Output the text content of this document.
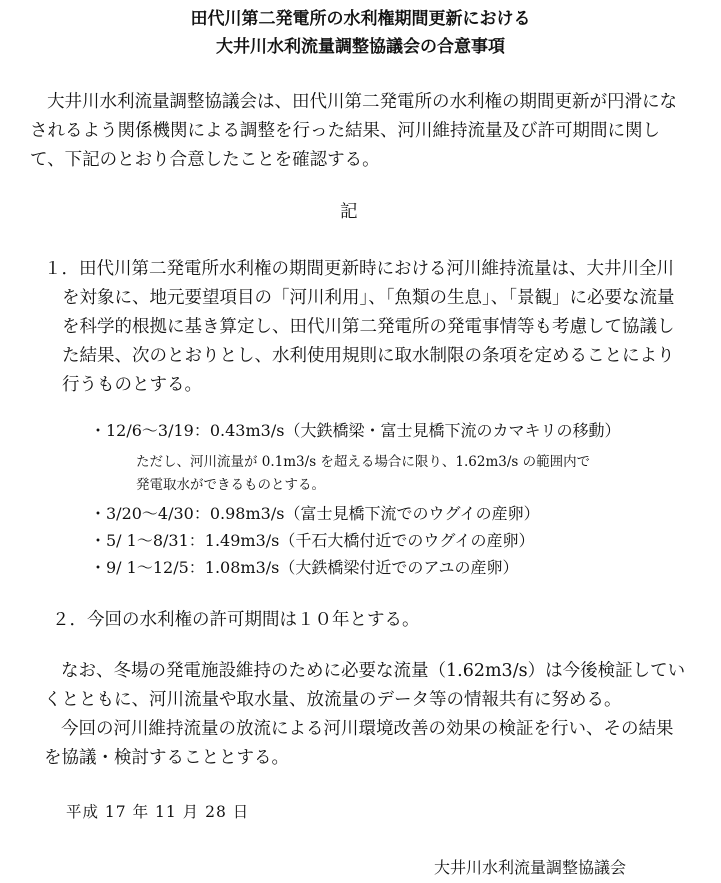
田代川第二発電所の水利権期間更新における
大井川水利流量調整協議会の合意事項

大井川水利流量調整協議会は、田代川第二発電所の水利権の期間更新が円滑になされるよう関係機関による調整を行った結果、河川維持流量及び許可期間に関して、下記のとおり合意したことを確認する。

記

１．田代川第二発電所水利権の期間更新時における河川維持流量は、大井川全川を対象に、地元要望項目の「河川利用」、「魚類の生息」、「景観」に必要な流量を科学的根拠に基き算定し、田代川第二発電所の発電事情等も考慮して協議した結果、次のとおりとし、水利使用規則に取水制限の条項を定めることにより行うものとする。

・12/6～3/19：0.43m3/s（大鉄橋梁・富士見橋下流のカマキリの移動）
ただし、河川流量が 0.1m3/s を超える場合に限り、1.62m3/s の範囲内で
発電取水ができるものとする。
・3/20～4/30：0.98m3/s（富士見橋下流でのウグイの産卵）
・5/ 1～8/31：1.49m3/s（千石大橋付近でのウグイの産卵）
・9/ 1～12/5：1.08m3/s（大鉄橋梁付近でのアユの産卵）
２．今回の水利権の許可期間は１０年とする。

なお、冬場の発電施設維持のために必要な流量（1.62m3/s）は今後検証していくとともに、河川流量や取水量、放流量のデータ等の情報共有に努める。

今回の河川維持流量の放流による河川環境改善の効果の検証を行い、その結果を協議・検討することとする。

平成 17 年 11 月 28 日
大井川水利流量調整協議会
